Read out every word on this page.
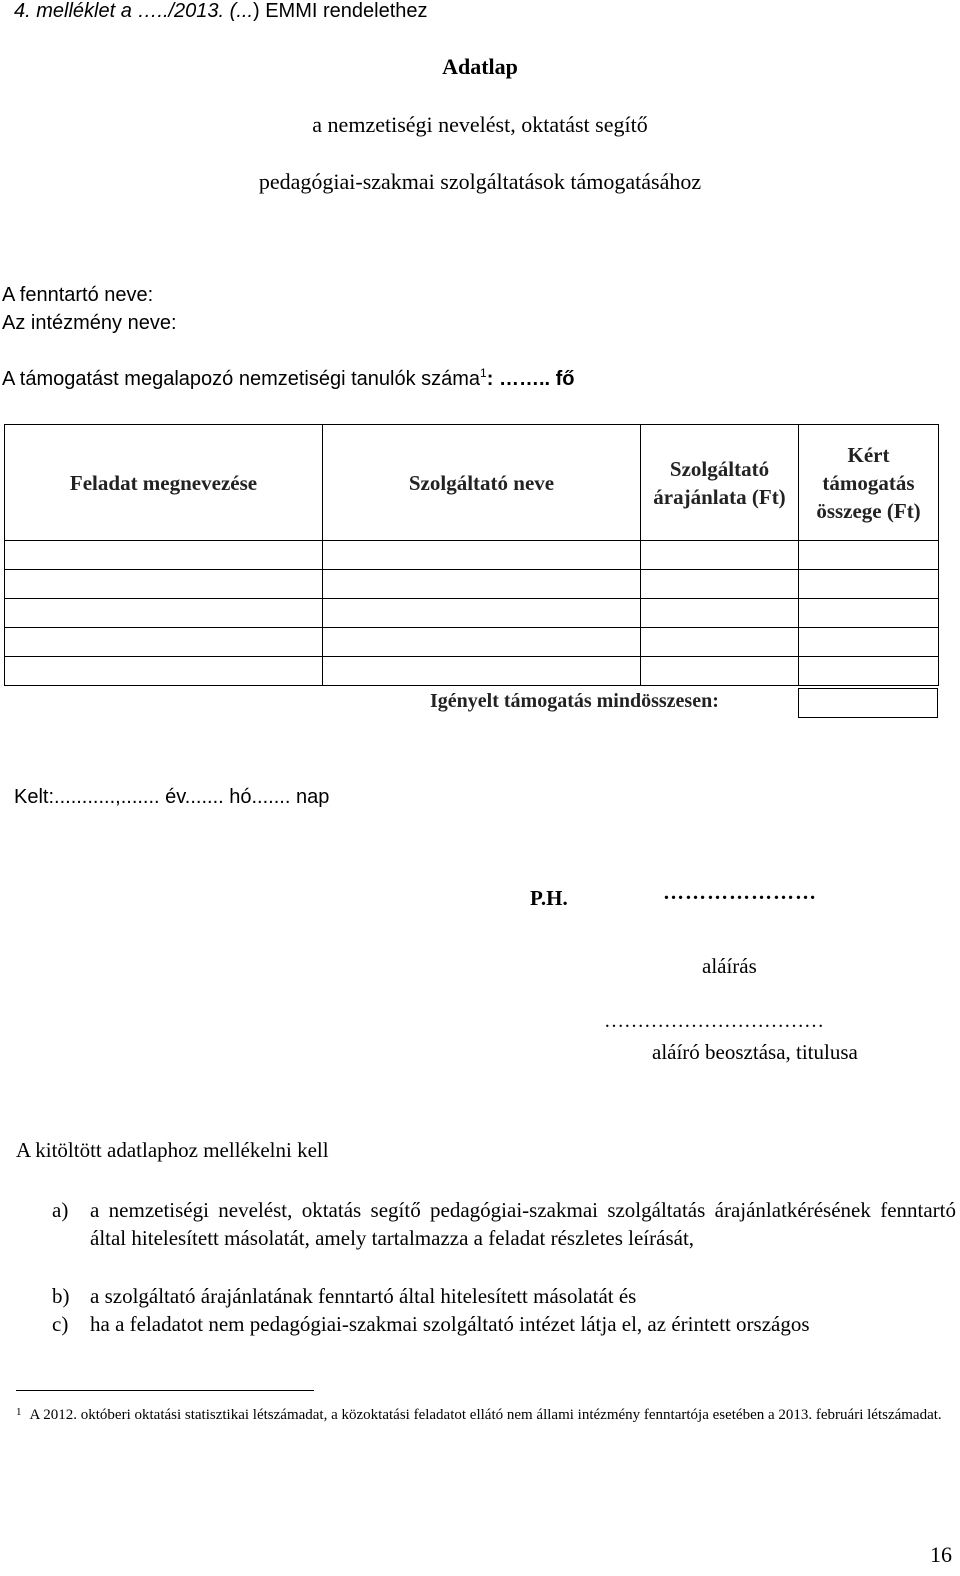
4. melléklet a …../2013. (...) EMMI rendelethez
Adatlap
a nemzetiségi nevelést, oktatást segítő
pedagógiai-szakmai szolgáltatások támogatásához
A fenntartó neve:
Az intézmény neve:
A támogatást megalapozó nemzetiségi tanulók száma$^1$: …….. fő
Feladat megnevezése	Szolgáltató neve	Szolgáltató árajánlata (Ft)	Kért támogatás összege (Ft)

Igényelt támogatás mindösszesen:
Kelt:...........,....... év....... hó....... nap
P.H.	…………………
aláírás
……………………………
aláíró beosztása, titulusa
A kitöltött adatlaphoz mellékelni kell
a) a nemzetiségi nevelést, oktatás segítő pedagógiai-szakmai szolgáltatás árajánlatkérésének fenntartó által hitelesített másolatát, amely tartalmazza a feladat részletes leírását,
b) a szolgáltató árajánlatának fenntartó által hitelesített másolatát és
c) ha a feladatot nem pedagógiai-szakmai szolgáltató intézet látja el, az érintett országos
$^1$ A 2012. októberi oktatási statisztikai létszámadat, a közoktatási feladatot ellátó nem állami intézmény fenntartója esetében a 2013. februári létszámadat.
16
